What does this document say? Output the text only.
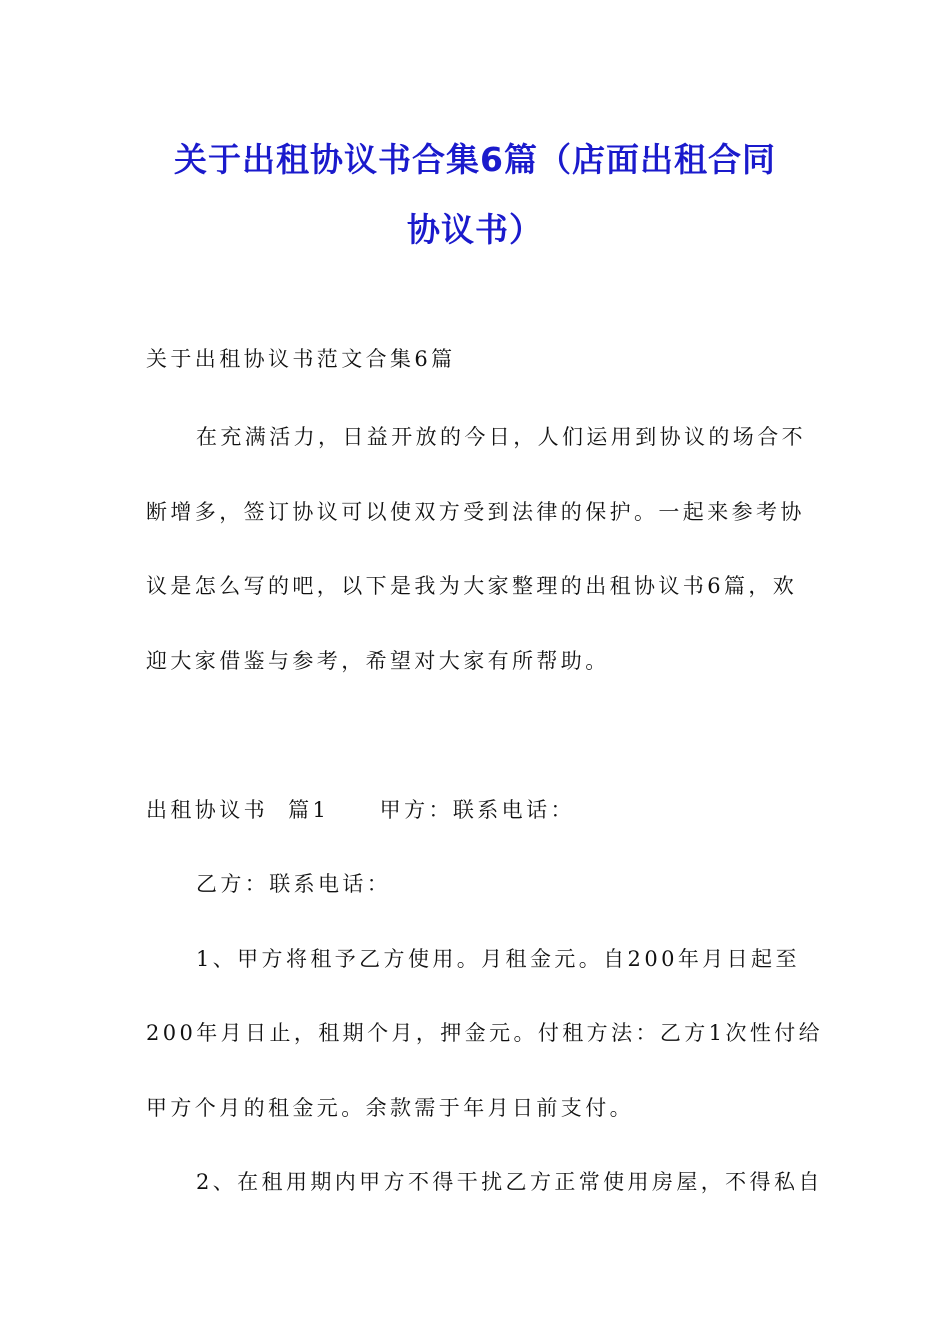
关于出租协议书合集6篇（店面出租合同
协议书）
关于出租协议书范文合集6篇
在充满活力，日益开放的今日，人们运用到协议的场合不
断增多，签订协议可以使双方受到法律的保护。一起来参考协
议是怎么写的吧，以下是我为大家整理的出租协议书6篇，欢
迎大家借鉴与参考，希望对大家有所帮助。
出租协议书  篇1     甲方：联系电话：
乙方：联系电话：
1、甲方将租予乙方使用。月租金元。自200年月日起至
200年月日止，租期个月，押金元。付租方法：乙方1次性付给
甲方个月的租金元。余款需于年月日前支付。
2、在租用期内甲方不得干扰乙方正常使用房屋，不得私自
